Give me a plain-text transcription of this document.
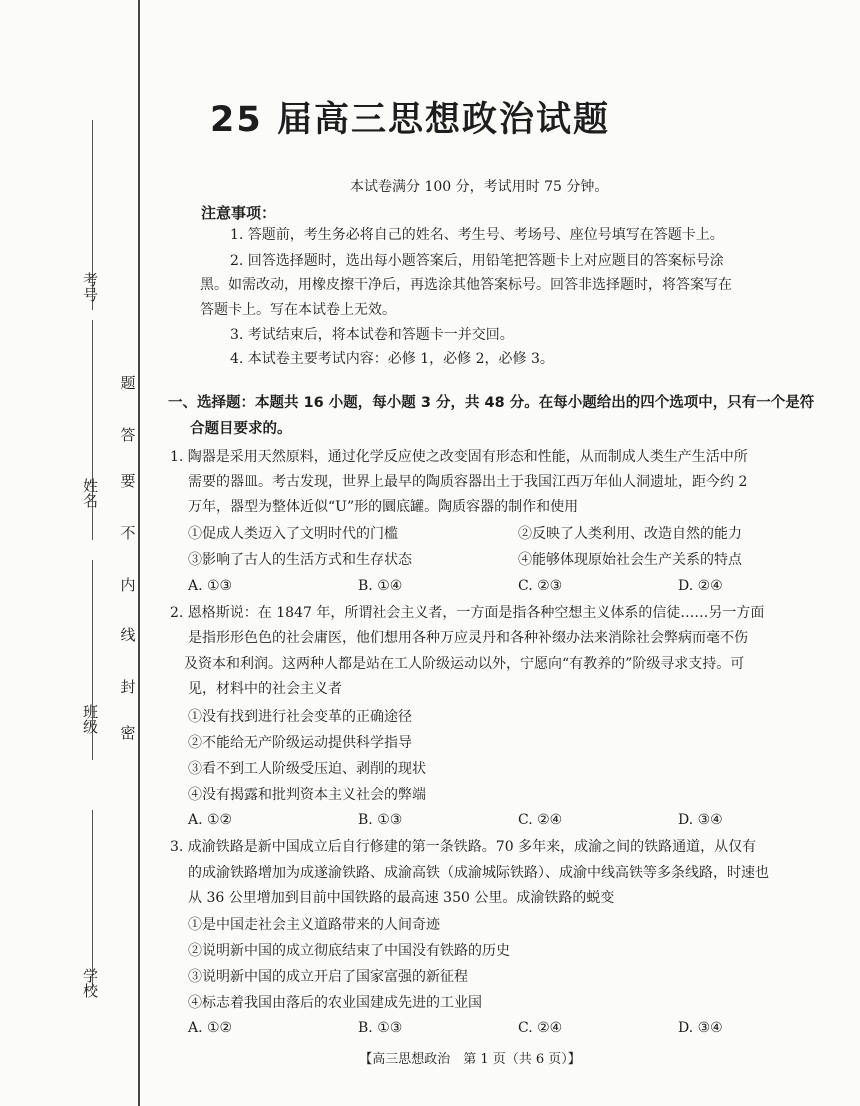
考号
姓名
班级
学校
题
答
要
不
内
线
封
密
25 届高三思想政治试题
本试卷满分 100 分，考试用时 75 分钟。
注意事项：
1. 答题前，考生务必将自己的姓名、考生号、考场号、座位号填写在答题卡上。
2. 回答选择题时，选出每小题答案后，用铅笔把答题卡上对应题目的答案标号涂
黑。如需改动，用橡皮擦干净后，再选涂其他答案标号。回答非选择题时，将答案写在
答题卡上。写在本试卷上无效。
3. 考试结束后，将本试卷和答题卡一并交回。
4. 本试卷主要考试内容：必修 1，必修 2，必修 3。
一、选择题：本题共 16 小题，每小题 3 分，共 48 分。在每小题给出的四个选项中，只有一个是符
合题目要求的。
1. 陶器是采用天然原料，通过化学反应使之改变固有形态和性能，从而制成人类生产生活中所
需要的器皿。考古发现，世界上最早的陶质容器出土于我国江西万年仙人洞遗址，距今约 2
万年，器型为整体近似“U”形的圜底罐。陶质容器的制作和使用
①促成人类迈入了文明时代的门槛	②反映了人类利用、改造自然的能力
③影响了古人的生活方式和生存状态	④能够体现原始社会生产关系的特点
A. ①③	B. ①④	C. ②③	D. ②④
2. 恩格斯说：在 1847 年，所谓社会主义者，一方面是指各种空想主义体系的信徒……另一方面
是指形形色色的社会庸医，他们想用各种万应灵丹和各种补缀办法来消除社会弊病而毫不伤
及资本和利润。这两种人都是站在工人阶级运动以外，宁愿向“有教养的”阶级寻求支持。可
见，材料中的社会主义者
①没有找到进行社会变革的正确途径
②不能给无产阶级运动提供科学指导
③看不到工人阶级受压迫、剥削的现状
④没有揭露和批判资本主义社会的弊端
A. ①②	B. ①③	C. ②④	D. ③④
3. 成渝铁路是新中国成立后自行修建的第一条铁路。70 多年来，成渝之间的铁路通道，从仅有
的成渝铁路增加为成遂渝铁路、成渝高铁（成渝城际铁路）、成渝中线高铁等多条线路，时速也
从 36 公里增加到目前中国铁路的最高速 350 公里。成渝铁路的蜕变
①是中国走社会主义道路带来的人间奇迹
②说明新中国的成立彻底结束了中国没有铁路的历史
③说明新中国的成立开启了国家富强的新征程
④标志着我国由落后的农业国建成先进的工业国
A. ①②	B. ①③	C. ②④	D. ③④
【高三思想政治　第 1 页（共 6 页）】
